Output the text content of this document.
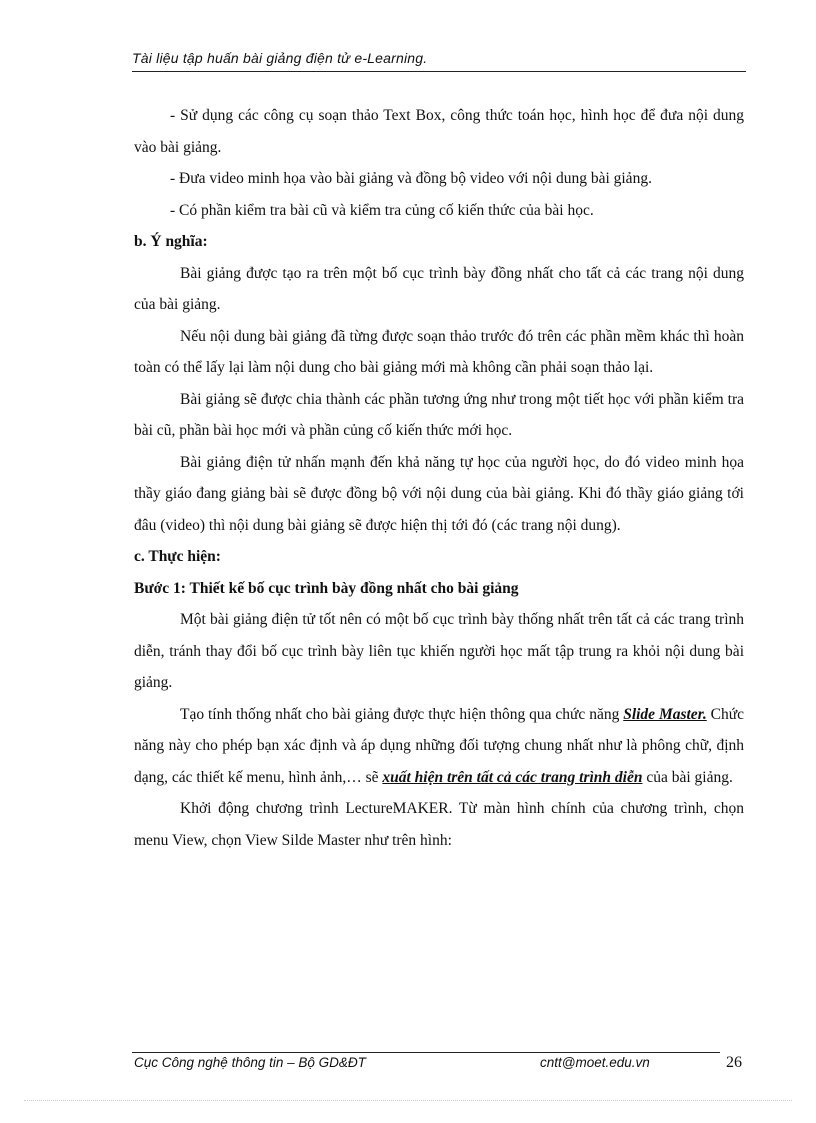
Tài liệu tập huấn bài giảng điện tử e-Learning.

- Sử dụng các công cụ soạn thảo Text Box, công thức toán học, hình học để đưa nội dung vào bài giảng.

- Đưa video minh họa vào bài giảng và đồng bộ video với nội dung bài giảng.

- Có phần kiểm tra bài cũ và kiểm tra củng cố kiến thức của bài học.

b. Ý nghĩa:

Bài giảng được tạo ra trên một bố cục trình bày đồng nhất cho tất cả các trang nội dung của bài giảng.

Nếu nội dung bài giảng đã từng được soạn thảo trước đó trên các phần mềm khác thì hoàn toàn có thể lấy lại làm nội dung cho bài giảng mới mà không cần phải soạn thảo lại.

Bài giảng sẽ được chia thành các phần tương ứng như trong một tiết học với phần kiểm tra bài cũ, phần bài học mới và phần củng cố kiến thức mới học.

Bài giảng điện tử nhấn mạnh đến khả năng tự học của người học, do đó video minh họa thầy giáo đang giảng bài sẽ được đồng bộ với nội dung của bài giảng. Khi đó thầy giáo giảng tới đâu (video) thì nội dung bài giảng sẽ được hiện thị tới đó (các trang nội dung).

c. Thực hiện:

Bước 1: Thiết kế bố cục trình bày đồng nhất cho bài giảng

Một bài giảng điện tử tốt nên có một bố cục trình bày thống nhất trên tất cả các trang trình diễn, tránh thay đổi bố cục trình bày liên tục khiến người học mất tập trung ra khỏi nội dung bài giảng.

Tạo tính thống nhất cho bài giảng được thực hiện thông qua chức năng Slide Master. Chức năng này cho phép bạn xác định và áp dụng những đối tượng chung nhất như là phông chữ, định dạng, các thiết kế menu, hình ảnh,… sẽ xuất hiện trên tất cả các trang trình diễn của bài giảng.

Khởi động chương trình LectureMAKER. Từ màn hình chính của chương trình, chọn menu View, chọn View Silde Master như trên hình:

Cục Công nghệ thông tin – Bộ GD&ĐT	cntt@moet.edu.vn	26
